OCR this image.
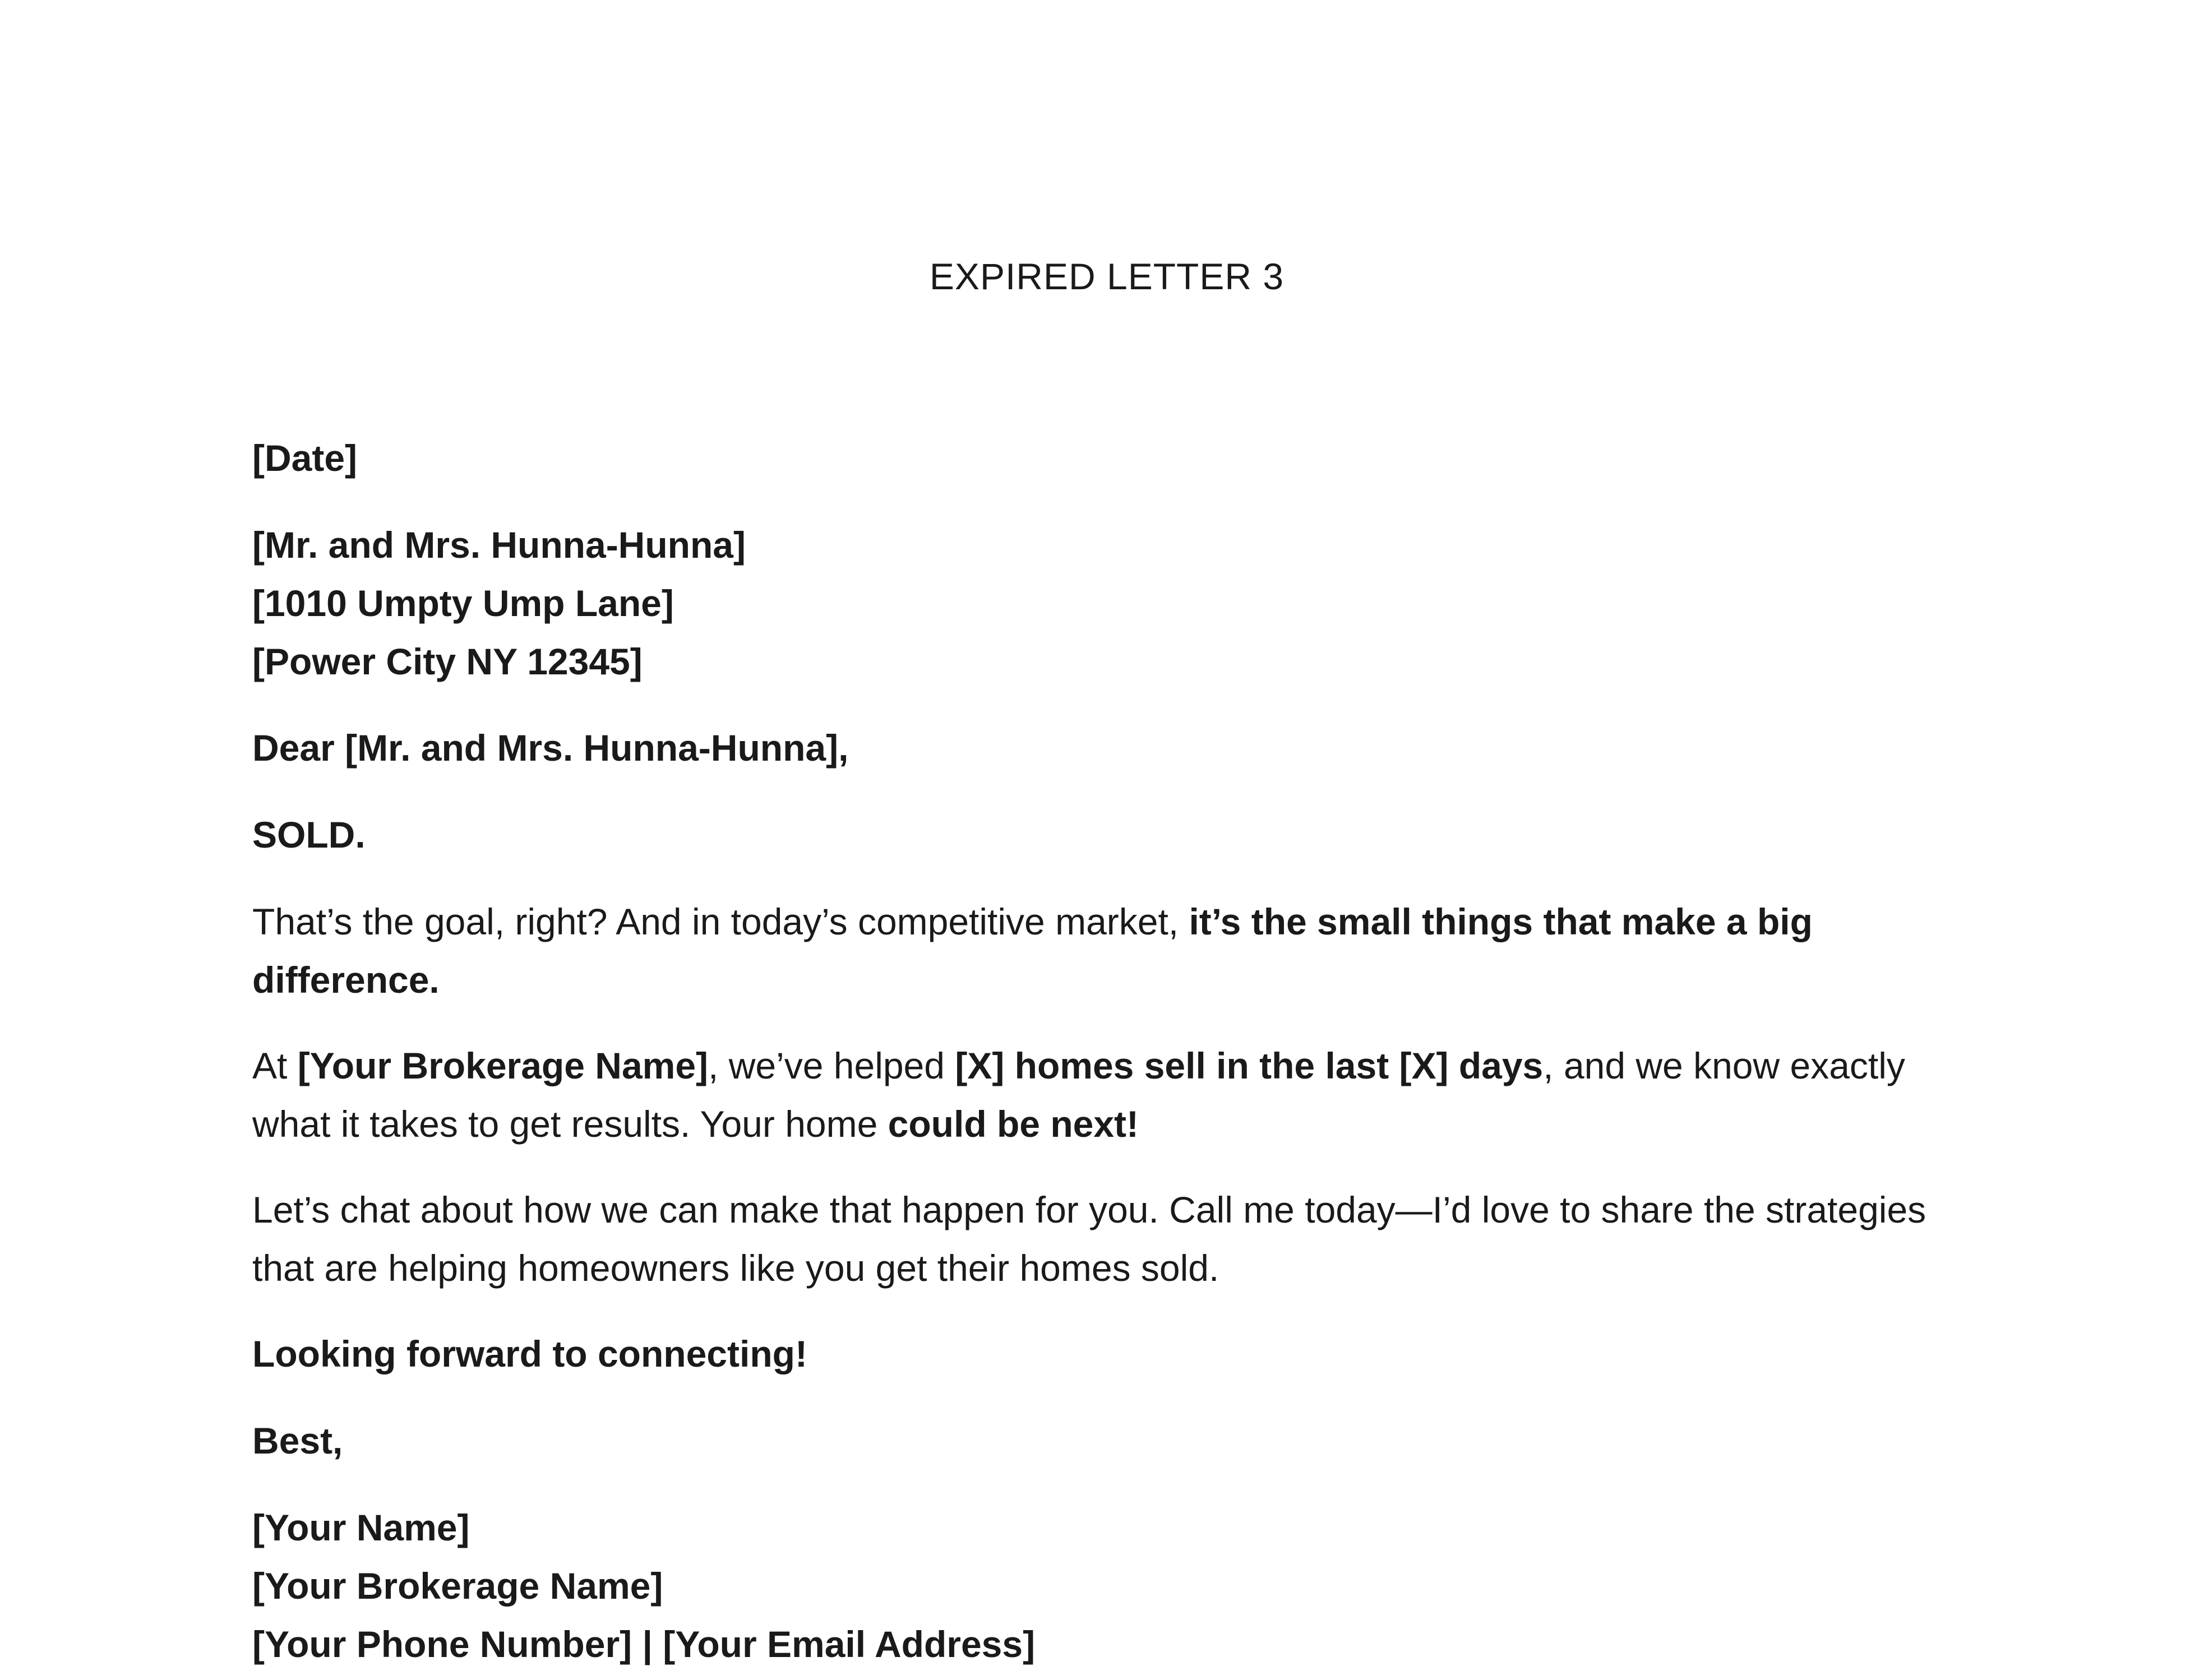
EXPIRED LETTER 3

[Date]

[Mr. and Mrs. Hunna-Hunna]
[1010 Umpty Ump Lane]
[Power City NY 12345]

Dear [Mr. and Mrs. Hunna-Hunna],

SOLD.

That’s the goal, right? And in today’s competitive market, it’s the small things that make a big difference.

At [Your Brokerage Name], we’ve helped [X] homes sell in the last [X] days, and we know exactly what it takes to get results. Your home could be next!

Let’s chat about how we can make that happen for you. Call me today—I’d love to share the strategies that are helping homeowners like you get their homes sold.

Looking forward to connecting!

Best,

[Your Name]
[Your Brokerage Name]
[Your Phone Number] | [Your Email Address]
